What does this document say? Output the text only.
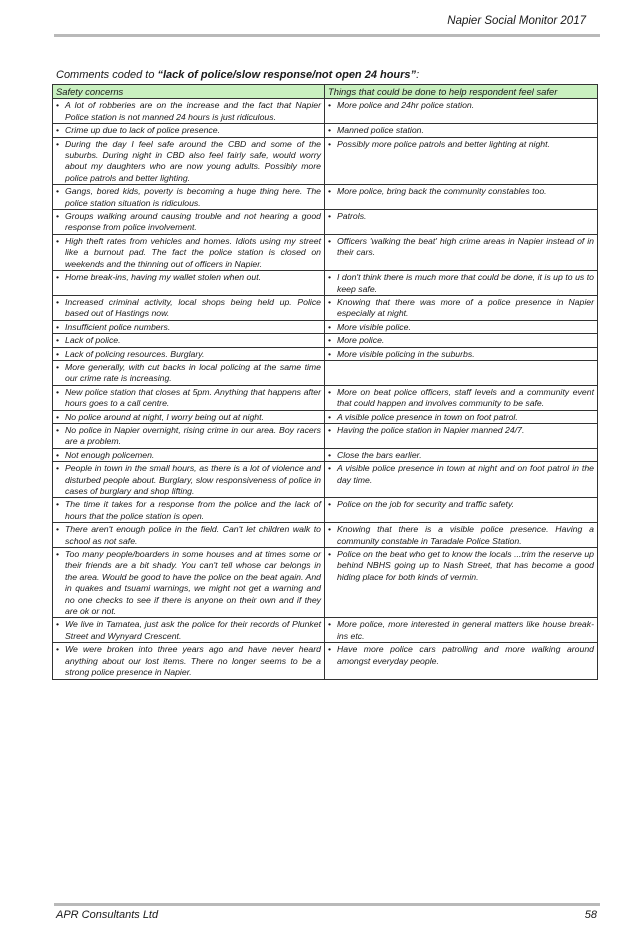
Napier Social Monitor 2017
Comments coded to “lack of police/slow response/not open 24 hours”:
Safety concerns	Things that could be done to help respondent feel safer

• A lot of robberies are on the increase and the fact that Napier Police station is not manned 24 hours is just ridiculous.	• More police and 24hr police station.

• Crime up due to lack of police presence.	• Manned police station.

• During the day I feel safe around the CBD and some of the suburbs. During night in CBD also feel fairly safe, would worry about my daughters who are now young adults. Possibly more police patrols and better lighting.	• Possibly more police patrols and better lighting at night.

• Gangs, bored kids, poverty is becoming a huge thing here. The police station situation is ridiculous.	• More police, bring back the community constables too.

• Groups walking around causing trouble and not hearing a good response from police involvement.	• Patrols.

• High theft rates from vehicles and homes. Idiots using my street like a burnout pad. The fact the police station is closed on weekends and the thinning out of officers in Napier.	• Officers 'walking the beat' high crime areas in Napier instead of in their cars.

• Home break-ins, having my wallet stolen when out.	• I don't think there is much more that could be done, it is up to us to keep safe.

• Increased criminal activity, local shops being held up. Police based out of Hastings now.	• Knowing that there was more of a police presence in Napier especially at night.

• Insufficient police numbers.	• More visible police.

• Lack of police.	• More police.

• Lack of policing resources. Burglary.	• More visible policing in the suburbs.

• More generally, with cut backs in local policing at the same time our crime rate is increasing.	

• New police station that closes at 5pm. Anything that happens after hours goes to a call centre.	• More on beat police officers, staff levels and a community event that could happen and involves community to be safe.

• No police around at night, I worry being out at night.	• A visible police presence in town on foot patrol.

• No police in Napier overnight, rising crime in our area. Boy racers are a problem.	• Having the police station in Napier manned 24/7.

• Not enough policemen.	• Close the bars earlier.

• People in town in the small hours, as there is a lot of violence and disturbed people about. Burglary, slow responsiveness of police in cases of burglary and shop lifting.	• A visible police presence in town at night and on foot patrol in the day time.

• The time it takes for a response from the police and the lack of hours that the police station is open.	• Police on the job for security and traffic safety.

• There aren't enough police in the field. Can't let children walk to school as not safe.	• Knowing that there is a visible police presence. Having a community constable in Taradale Police Station.

• Too many people/boarders in some houses and at times some or their friends are a bit shady. You can't tell whose car belongs in the area. Would be good to have the police on the beat again. And in quakes and tsuami warnings, we might not get a warning and no one checks to see if there is anyone on their own and if they are ok or not.	• Police on the beat who get to know the locals ...trim the reserve up behind NBHS going up to Nash Street, that has become a good hiding place for both kinds of vermin.

• We live in Tamatea, just ask the police for their records of Plunket Street and Wynyard Crescent.	• More police, more interested in general matters like house break-ins etc.

• We were broken into three years ago and have never heard anything about our lost items. There no longer seems to be a strong police presence in Napier.	• Have more police cars patrolling and more walking around amongst everyday people.
APR Consultants Ltd	58
